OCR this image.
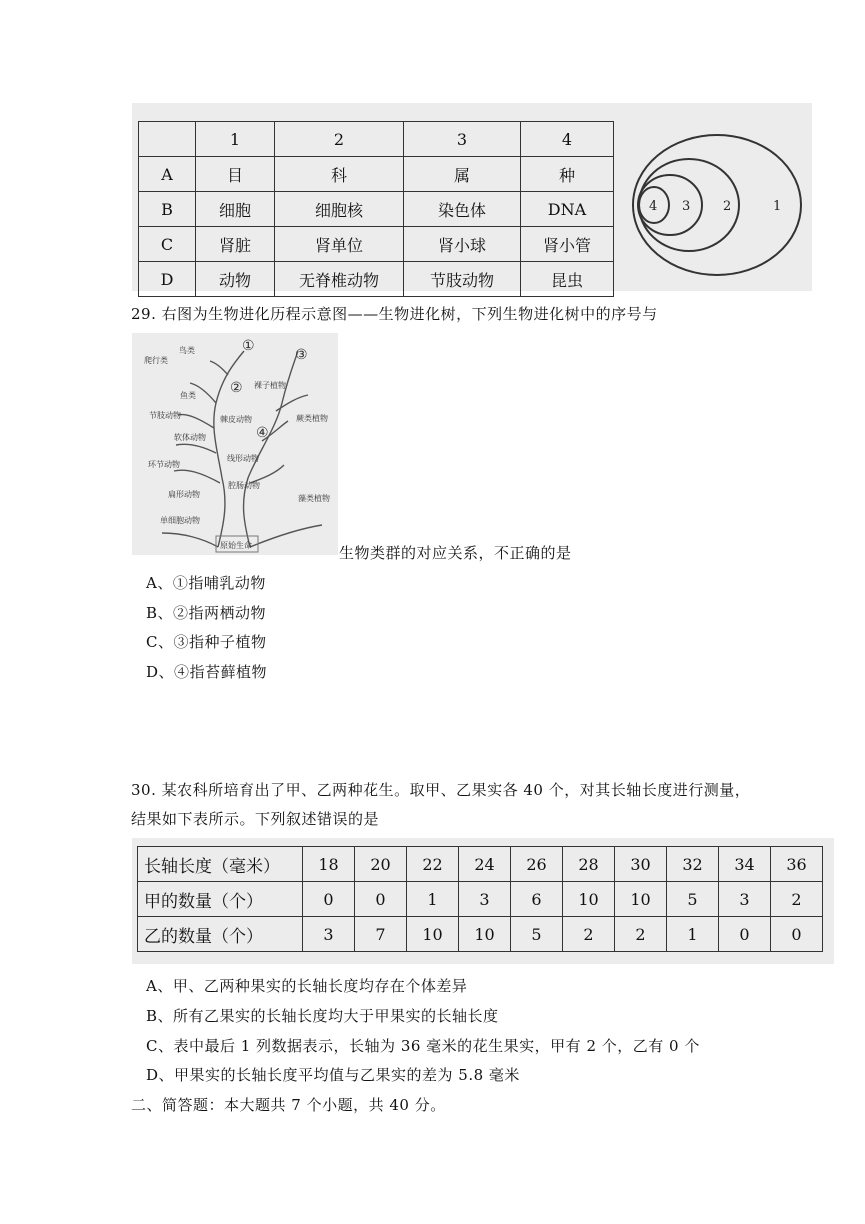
	1	2	3	4
A	目	科	属	种
B	细胞	细胞核	染色体	DNA
C	肾脏	肾单位	肾小球	肾小管
D	动物	无脊椎动物	节肢动物	昆虫
4 3	2	1
29. 右图为生物进化历程示意图——生物进化树，下列生物进化树中的序号与
鸟类
爬行类
鱼类
节肢动物
软体动物
环节动物
扁形动物
单细胞动物
棘皮动物
线形动物
腔肠动物
裸子植物
蕨类植物
藻类植物
原始生命
①
②
③
④
生物类群的对应关系，不正确的是
A、①指哺乳动物
B、②指两栖动物
C、③指种子植物
D、④指苔藓植物
30. 某农科所培育出了甲、乙两种花生。取甲、乙果实各 40 个，对其长轴长度进行测量，
结果如下表所示。下列叙述错误的是
长轴长度（毫米）	18	20	22	24	26	28	30	32	34	36
甲的数量（个）	0	0	1	3	6	10	10	5	3	2
乙的数量（个）	3	7	10	10	5	2	2	1	0	0
A、甲、乙两种果实的长轴长度均存在个体差异
B、所有乙果实的长轴长度均大于甲果实的长轴长度
C、表中最后 1 列数据表示，长轴为 36 毫米的花生果实，甲有 2 个，乙有 0 个
D、甲果实的长轴长度平均值与乙果实的差为 5.8 毫米
二、简答题：本大题共 7 个小题，共 40 分。
